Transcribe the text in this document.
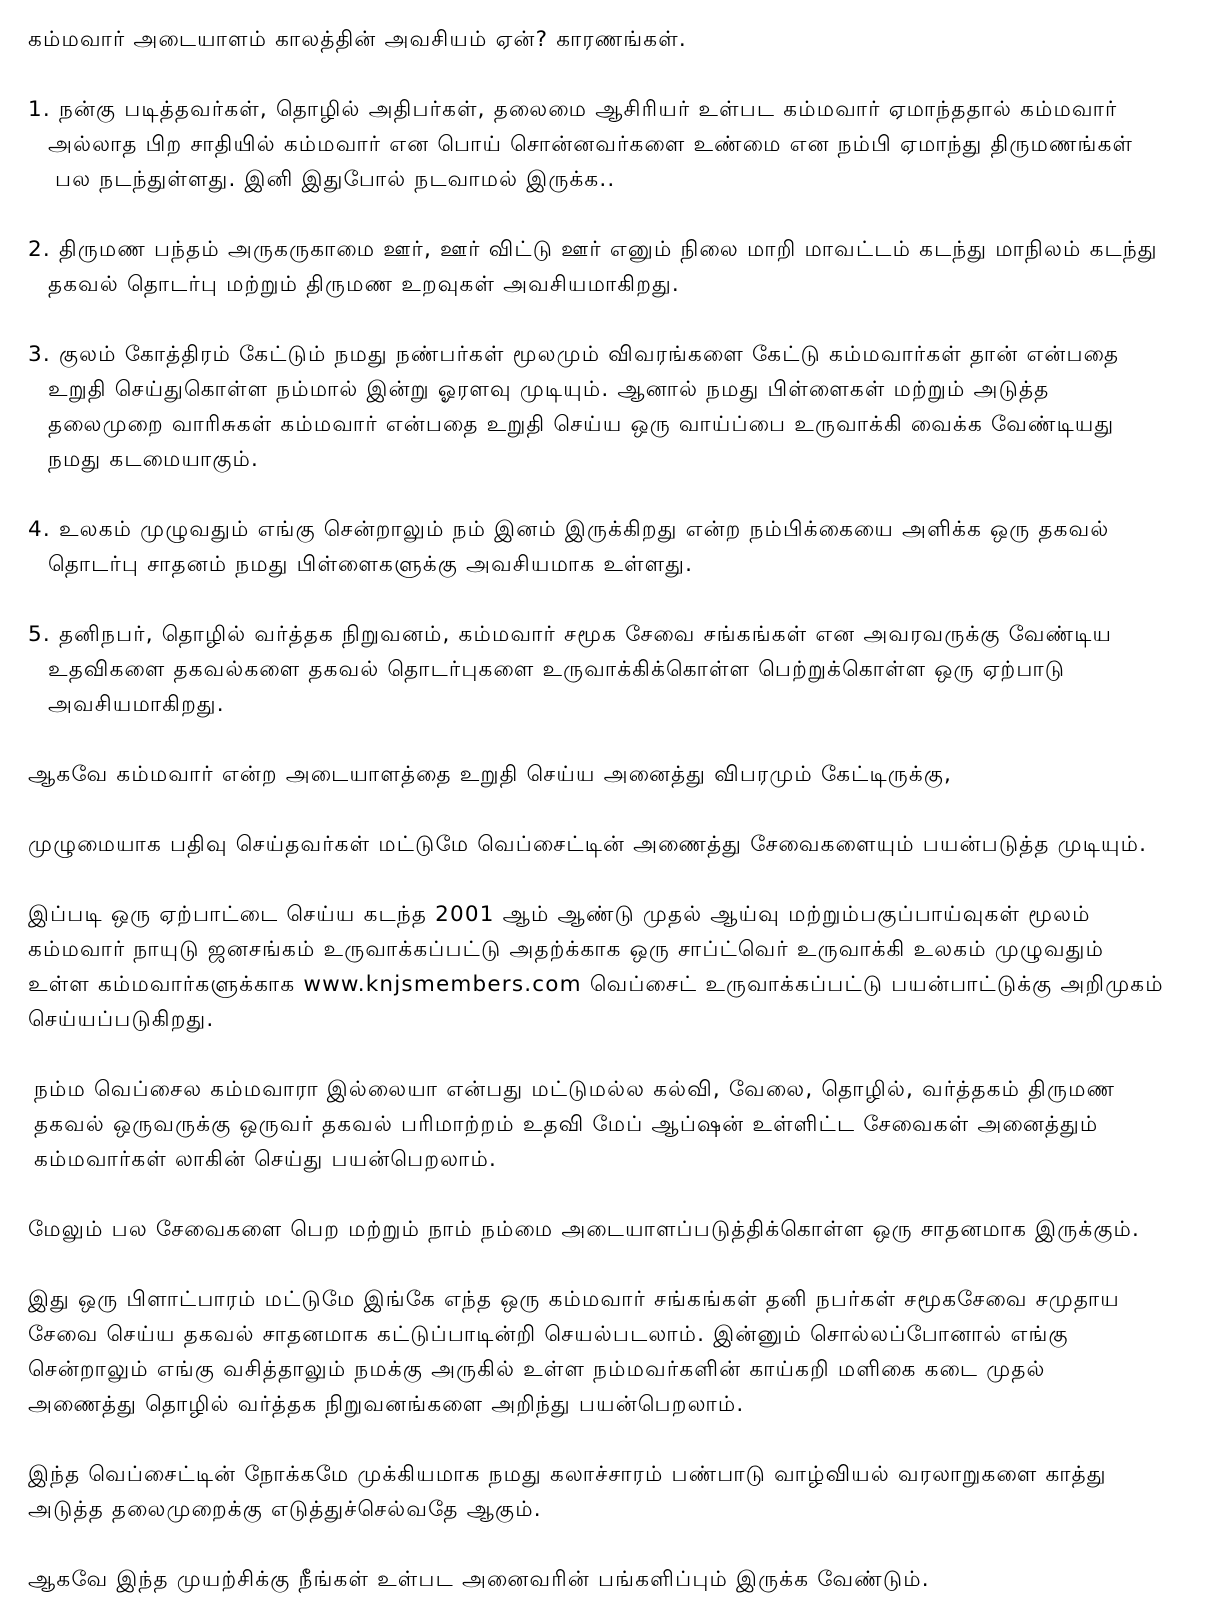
கம்மவார் அடையாளம் காலத்தின் அவசியம் ஏன்? காரணங்கள்.
1. நன்கு படித்தவர்கள், தொழில் அதிபர்கள், தலைமை ஆசிரியர் உள்பட கம்மவார் ஏமாந்ததால் கம்மவார்
அல்லாத பிற சாதியில் கம்மவார் என பொய் சொன்னவர்களை உண்மை என நம்பி ஏமாந்து திருமணங்கள்
பல நடந்துள்ளது. இனி இதுபோல் நடவாமல் இருக்க..
2. திருமண பந்தம் அருகருகாமை ஊர், ஊர் விட்டு ஊர் எனும் நிலை மாறி மாவட்டம் கடந்து மாநிலம் கடந்து
தகவல் தொடர்பு மற்றும் திருமண உறவுகள் அவசியமாகிறது.
3. குலம் கோத்திரம் கேட்டும் நமது நண்பர்கள் மூலமும் விவரங்களை கேட்டு கம்மவார்கள் தான் என்பதை
உறுதி செய்துகொள்ள நம்மால் இன்று ஓரளவு முடியும். ஆனால் நமது பிள்ளைகள் மற்றும் அடுத்த
தலைமுறை வாரிசுகள் கம்மவார் என்பதை உறுதி செய்ய ஒரு வாய்ப்பை உருவாக்கி வைக்க வேண்டியது
நமது கடமையாகும்.
4. உலகம் முழுவதும் எங்கு சென்றாலும் நம் இனம் இருக்கிறது என்ற நம்பிக்கையை அளிக்க ஒரு தகவல்
தொடர்பு சாதனம் நமது பிள்ளைகளுக்கு அவசியமாக உள்ளது.
5. தனிநபர், தொழில் வர்த்தக நிறுவனம், கம்மவார் சமூக சேவை சங்கங்கள் என அவரவருக்கு வேண்டிய
உதவிகளை தகவல்களை தகவல் தொடர்புகளை உருவாக்கிக்கொள்ள பெற்றுக்கொள்ள ஒரு ஏற்பாடு
அவசியமாகிறது.
ஆகவே கம்மவார் என்ற அடையாளத்தை உறுதி செய்ய அனைத்து விபரமும் கேட்டிருக்கு,
முழுமையாக பதிவு செய்தவர்கள் மட்டுமே வெப்சைட்டின் அணைத்து சேவைகளையும் பயன்படுத்த முடியும்.
இப்படி ஒரு ஏற்பாட்டை செய்ய கடந்த 2001 ஆம் ஆண்டு முதல் ஆய்வு மற்றும்பகுப்பாய்வுகள் மூலம்
கம்மவார் நாயுடு ஜனசங்கம் உருவாக்கப்பட்டு அதற்க்காக ஒரு சாப்ட்வெர் உருவாக்கி உலகம் முழுவதும்
உள்ள கம்மவார்களுக்காக www.knjsmembers.com வெப்சைட் உருவாக்கப்பட்டு பயன்பாட்டுக்கு அறிமுகம்
செய்யப்படுகிறது.
நம்ம வெப்சைல கம்மவாரா இல்லையா என்பது மட்டுமல்ல கல்வி, வேலை, தொழில், வர்த்தகம் திருமண
தகவல் ஒருவருக்கு ஒருவர் தகவல் பரிமாற்றம் உதவி மேப் ஆப்ஷன் உள்ளிட்ட சேவைகள் அனைத்தும்
கம்மவார்கள் லாகின் செய்து பயன்பெறலாம்.
மேலும் பல சேவைகளை பெற மற்றும் நாம் நம்மை அடையாளப்படுத்திக்கொள்ள ஒரு சாதனமாக இருக்கும்.
இது ஒரு பிளாட்பாரம் மட்டுமே இங்கே எந்த ஒரு கம்மவார் சங்கங்கள் தனி நபர்கள் சமூகசேவை சமுதாய
சேவை செய்ய தகவல் சாதனமாக கட்டுப்பாடின்றி செயல்படலாம். இன்னும் சொல்லப்போனால் எங்கு
சென்றாலும் எங்கு வசித்தாலும் நமக்கு அருகில் உள்ள நம்மவர்களின் காய்கறி மளிகை கடை முதல்
அணைத்து தொழில் வர்த்தக நிறுவனங்களை அறிந்து பயன்பெறலாம்.
இந்த வெப்சைட்டின் நோக்கமே முக்கியமாக நமது கலாச்சாரம் பண்பாடு வாழ்வியல் வரலாறுகளை காத்து
அடுத்த தலைமுறைக்கு எடுத்துச்செல்வதே ஆகும்.
ஆகவே இந்த முயற்சிக்கு நீங்கள் உள்பட அனைவரின் பங்களிப்பும் இருக்க வேண்டும்.
